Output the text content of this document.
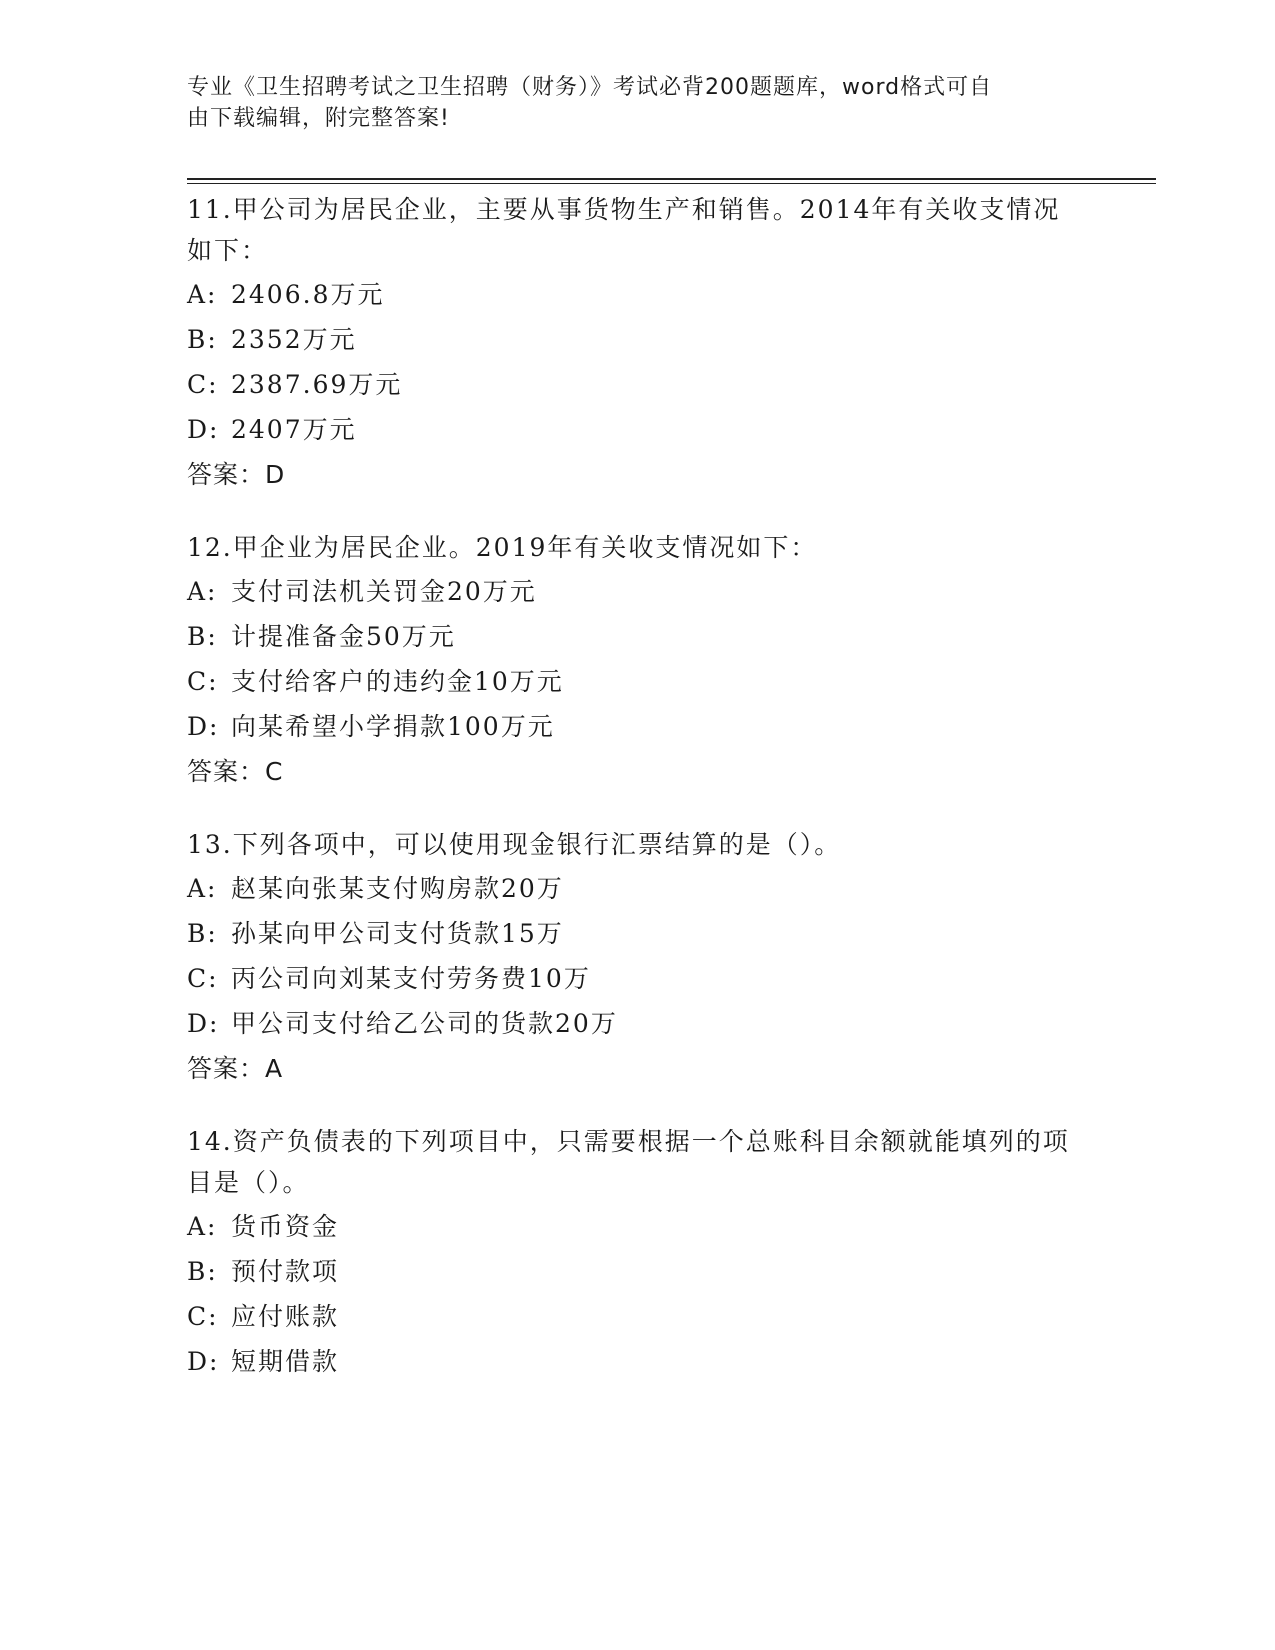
专业《卫生招聘考试之卫生招聘（财务）》考试必背200题题库，word格式可自
由下载编辑，附完整答案!
11.甲公司为居民企业，主要从事货物生产和销售。2014年有关收支情况如下：
A: 2406.8万元
B: 2352万元
C: 2387.69万元
D: 2407万元
答案：D
12.甲企业为居民企业。2019年有关收支情况如下：
A: 支付司法机关罚金20万元
B: 计提准备金50万元
C: 支付给客户的违约金10万元
D: 向某希望小学捐款100万元
答案：C
13.下列各项中，可以使用现金银行汇票结算的是（）。
A: 赵某向张某支付购房款20万
B: 孙某向甲公司支付货款15万
C: 丙公司向刘某支付劳务费10万
D: 甲公司支付给乙公司的货款20万
答案：A
14.资产负债表的下列项目中，只需要根据一个总账科目余额就能填列的项目是（）。
A: 货币资金
B: 预付款项
C: 应付账款
D: 短期借款
